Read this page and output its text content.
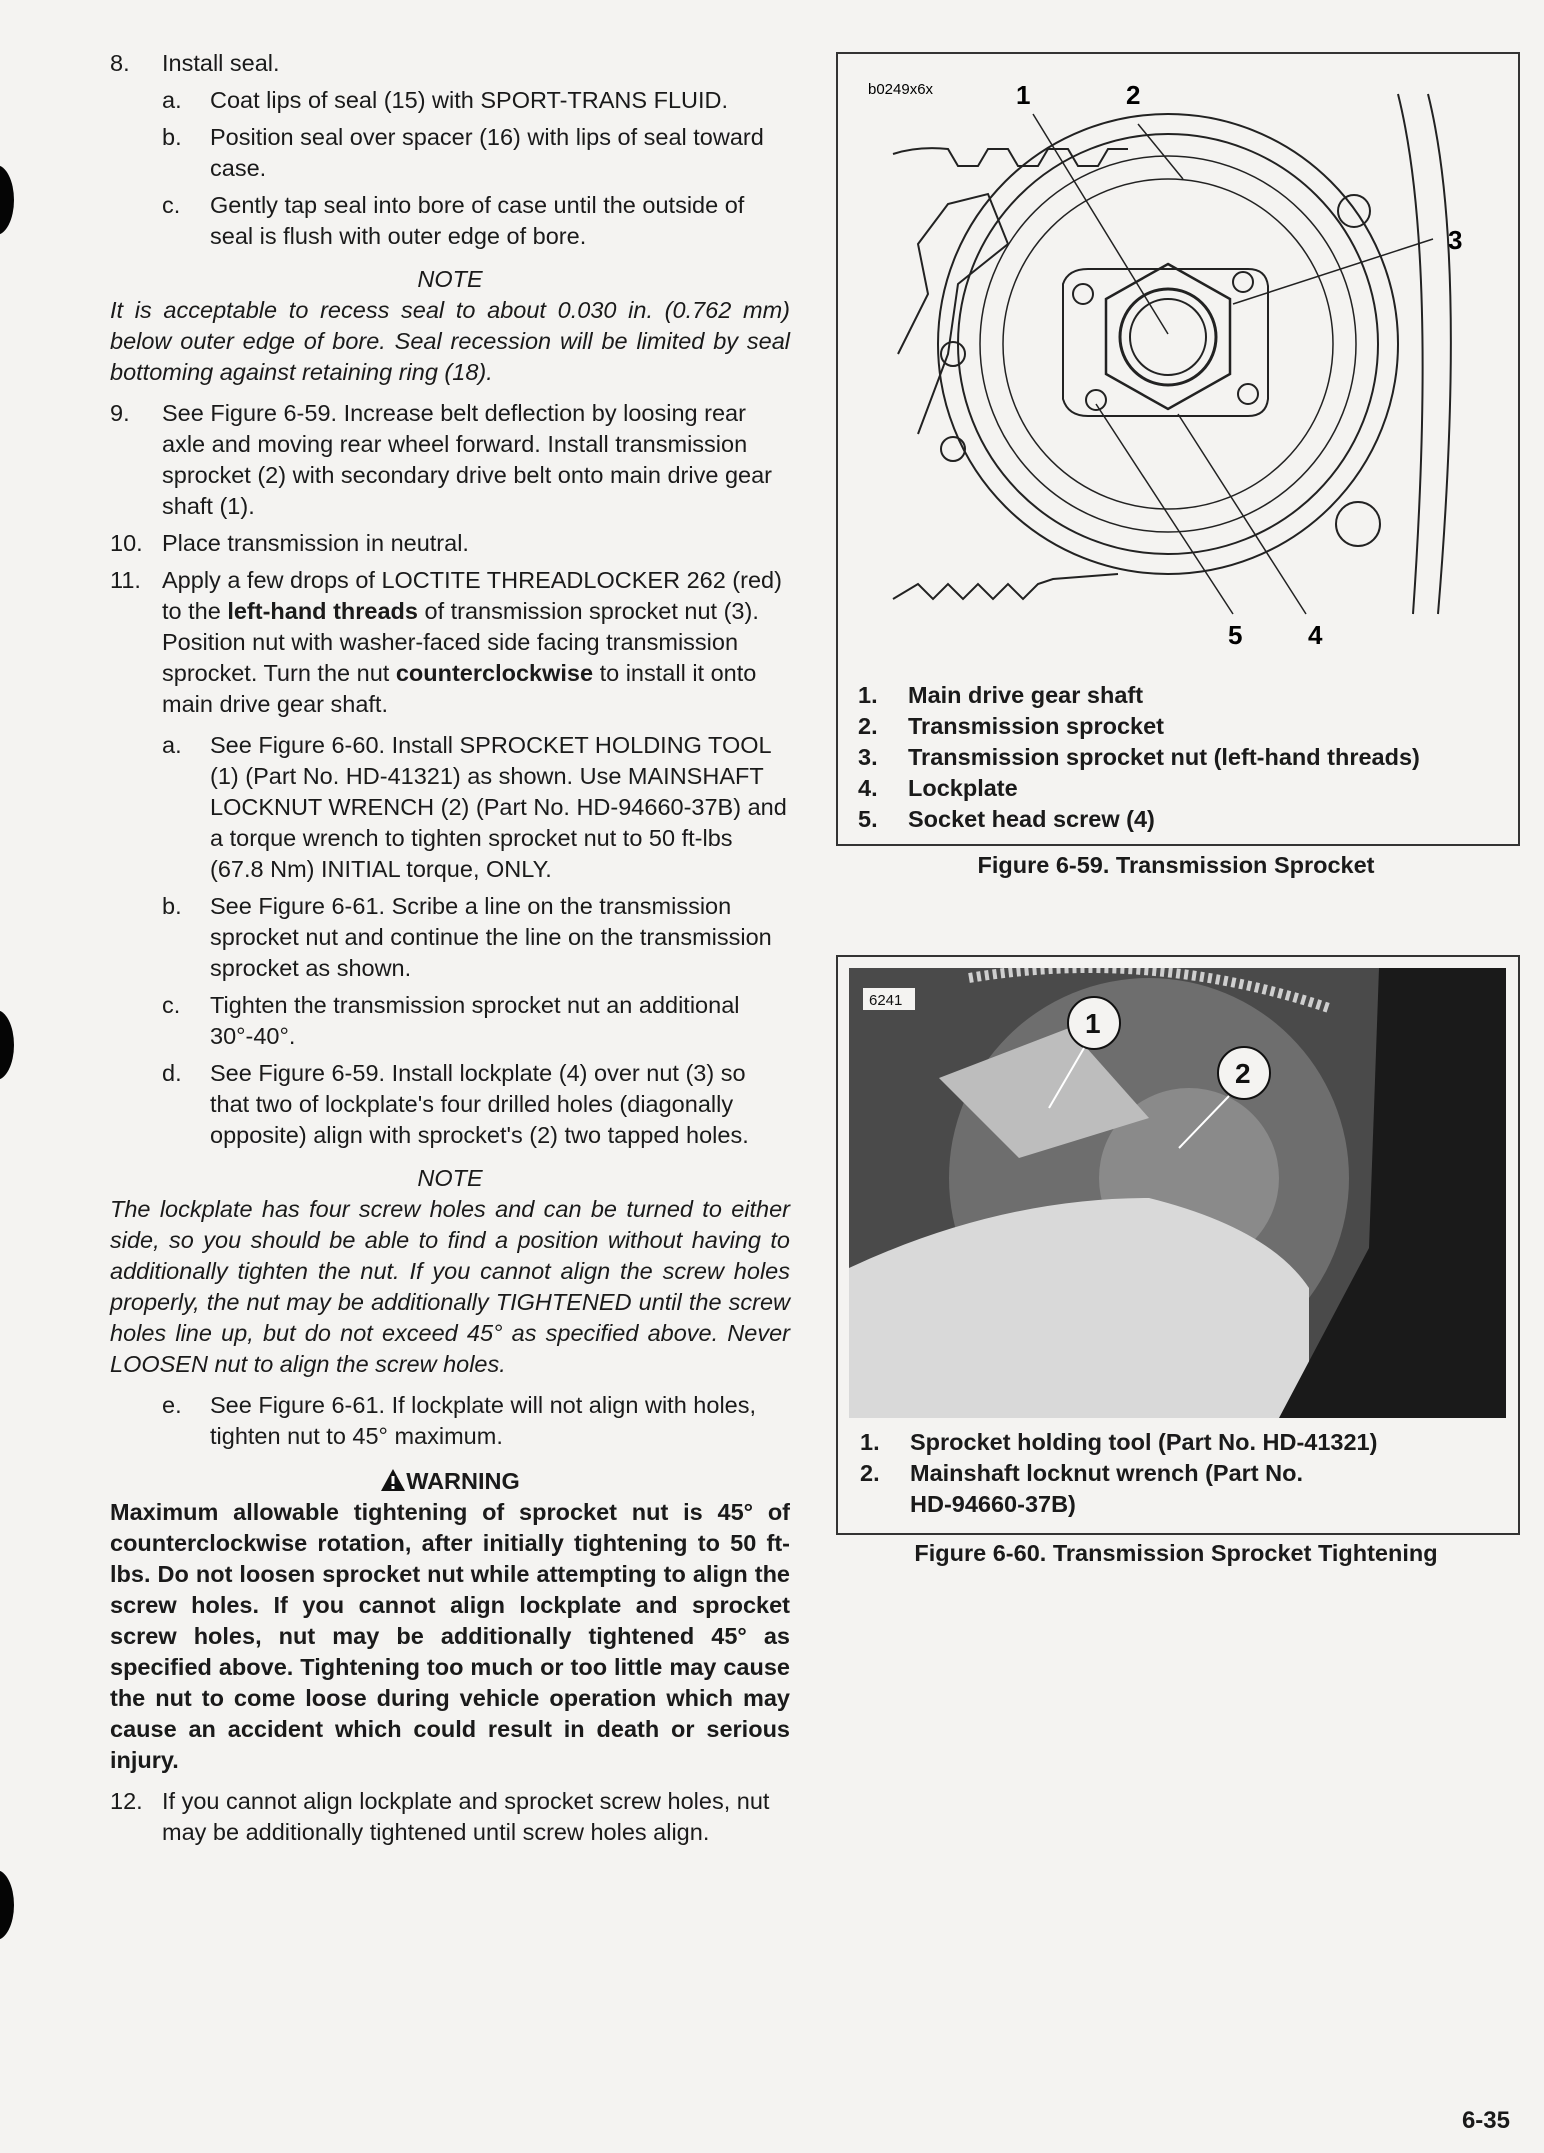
8. Install seal.
a. Coat lips of seal (15) with SPORT-TRANS FLUID.
b. Position seal over spacer (16) with lips of seal toward case.
c. Gently tap seal into bore of case until the outside of seal is flush with outer edge of bore.
NOTE
It is acceptable to recess seal to about 0.030 in. (0.762 mm) below outer edge of bore. Seal recession will be limited by seal bottoming against retaining ring (18).
9. See Figure 6-59. Increase belt deflection by loosing rear axle and moving rear wheel forward. Install transmission sprocket (2) with secondary drive belt onto main drive gear shaft (1).
10. Place transmission in neutral.
11. Apply a few drops of LOCTITE THREADLOCKER 262 (red) to the left-hand threads of transmission sprocket nut (3). Position nut with washer-faced side facing transmission sprocket. Turn the nut counterclockwise to install it onto main drive gear shaft.
a. See Figure 6-60. Install SPROCKET HOLDING TOOL (1) (Part No. HD-41321) as shown. Use MAINSHAFT LOCKNUT WRENCH (2) (Part No. HD-94660-37B) and a torque wrench to tighten sprocket nut to 50 ft-lbs (67.8 Nm) INITIAL torque, ONLY.
b. See Figure 6-61. Scribe a line on the transmission sprocket nut and continue the line on the transmission sprocket as shown.
c. Tighten the transmission sprocket nut an additional 30°-40°.
d. See Figure 6-59. Install lockplate (4) over nut (3) so that two of lockplate's four drilled holes (diagonally opposite) align with sprocket's (2) two tapped holes.
NOTE
The lockplate has four screw holes and can be turned to either side, so you should be able to find a position without having to additionally tighten the nut. If you cannot align the screw holes properly, the nut may be additionally TIGHTENED until the screw holes line up, but do not exceed 45° as specified above. Never LOOSEN nut to align the screw holes.
e. See Figure 6-61. If lockplate will not align with holes, tighten nut to 45° maximum.
WARNING
Maximum allowable tightening of sprocket nut is 45° of counterclockwise rotation, after initially tightening to 50 ft-lbs. Do not loosen sprocket nut while attempting to align the screw holes. If you cannot align lockplate and sprocket screw holes, nut may be additionally tightened 45° as specified above. Tightening too much or too little may cause the nut to come loose during vehicle operation which may cause an accident which could result in death or serious injury.
12. If you cannot align lockplate and sprocket screw holes, nut may be additionally tightened until screw holes align.
b0249x6x	1	2
3
4
5
1. Main drive gear shaft
2. Transmission sprocket
3. Transmission sprocket nut (left-hand threads)
4. Lockplate
5. Socket head screw (4)
Figure 6-59. Transmission Sprocket
6241
1
2
1. Sprocket holding tool (Part No. HD-41321)
2. Mainshaft locknut wrench (Part No. HD-94660-37B)
Figure 6-60. Transmission Sprocket Tightening
6-35
